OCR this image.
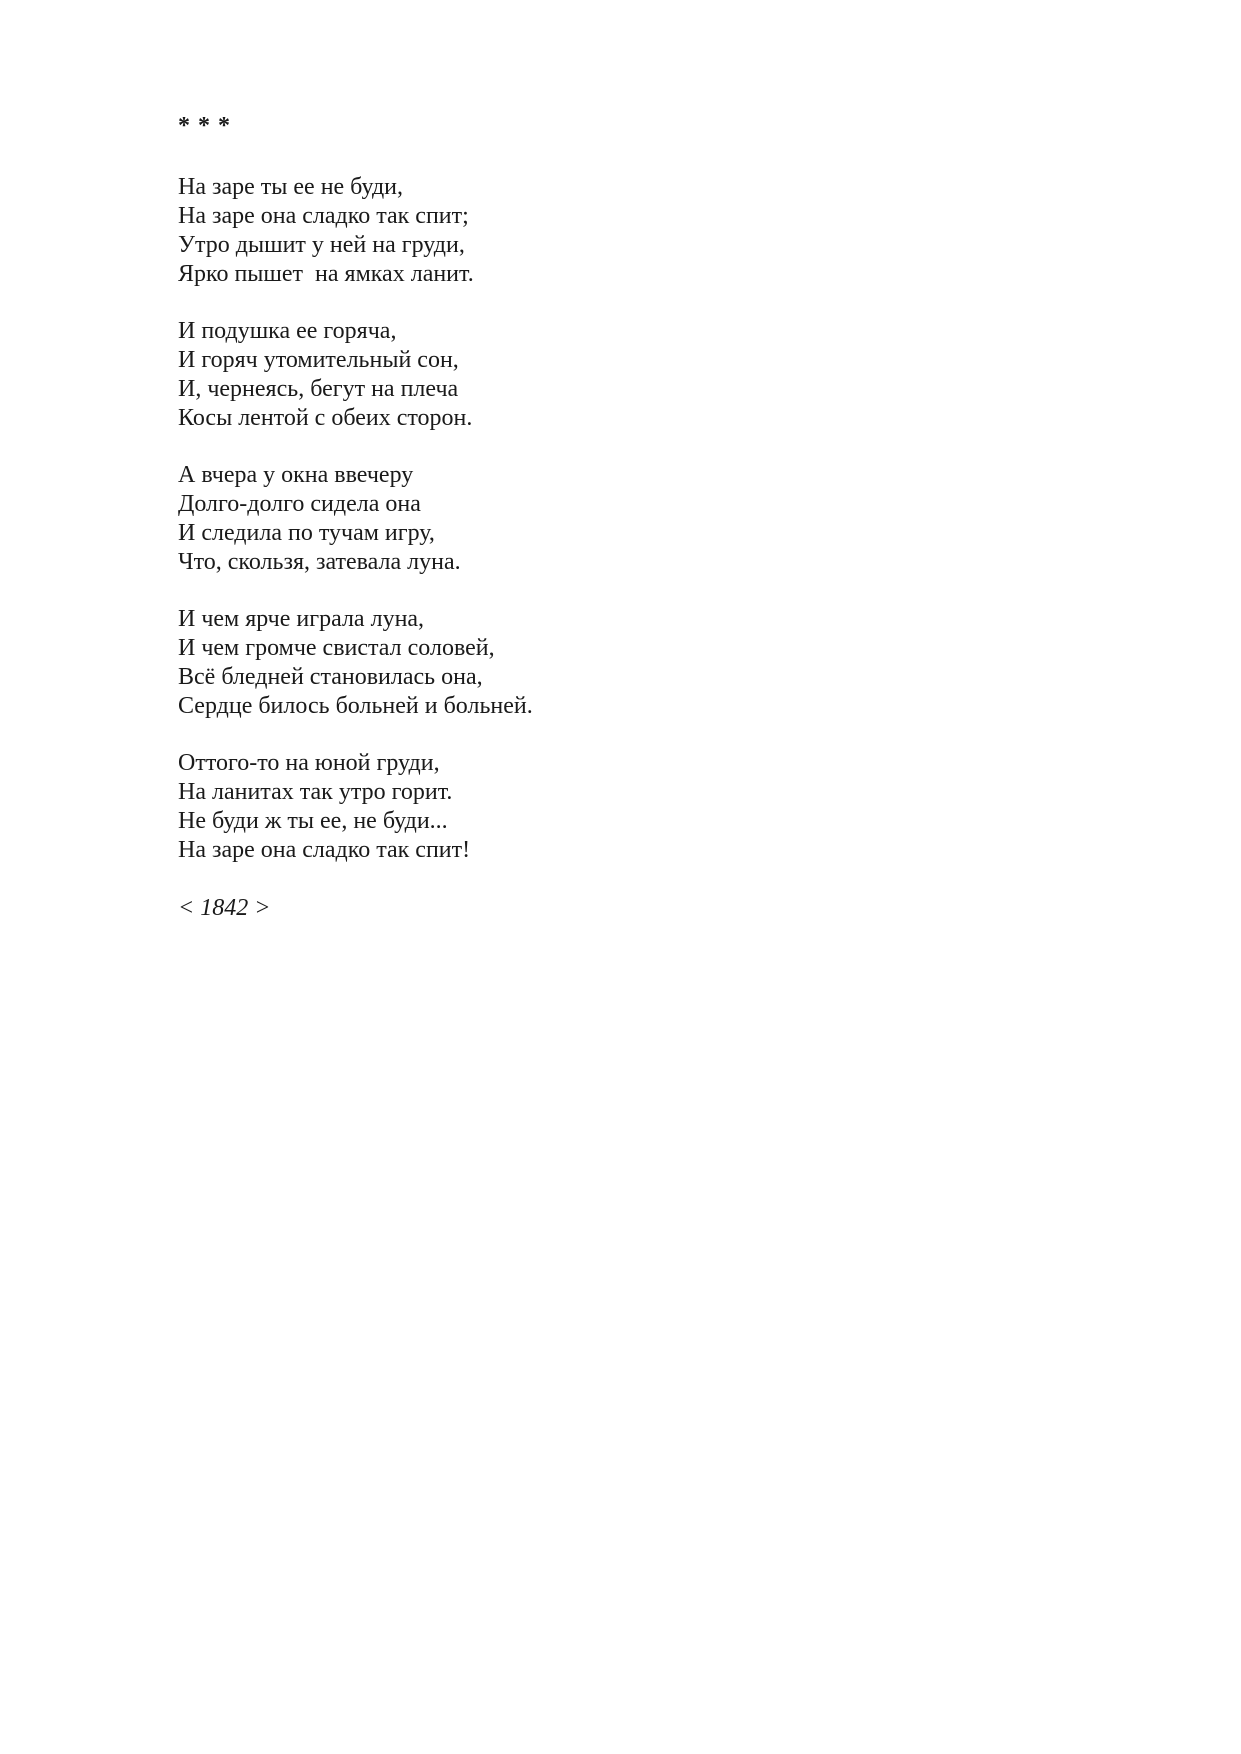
* * *
На заре ты ее не буди,
На заре она сладко так спит;
Утро дышит у ней на груди,
Ярко пышет  на ямках ланит.
И подушка ее горяча,
И горяч утомительный сон,
И, чернеясь, бегут на плеча
Косы лентой с обеих сторон.
А вчера у окна ввечеру
Долго-долго сидела она
И следила по тучам игру,
Что, скользя, затевала луна.
И чем ярче играла луна,
И чем громче свистал соловей,
Всё бледней становилась она,
Сердце билось больней и больней.
Оттого-то на юной груди,
На ланитах так утро горит.
Не буди ж ты ее, не буди...
На заре она сладко так спит!
< 1842 >
